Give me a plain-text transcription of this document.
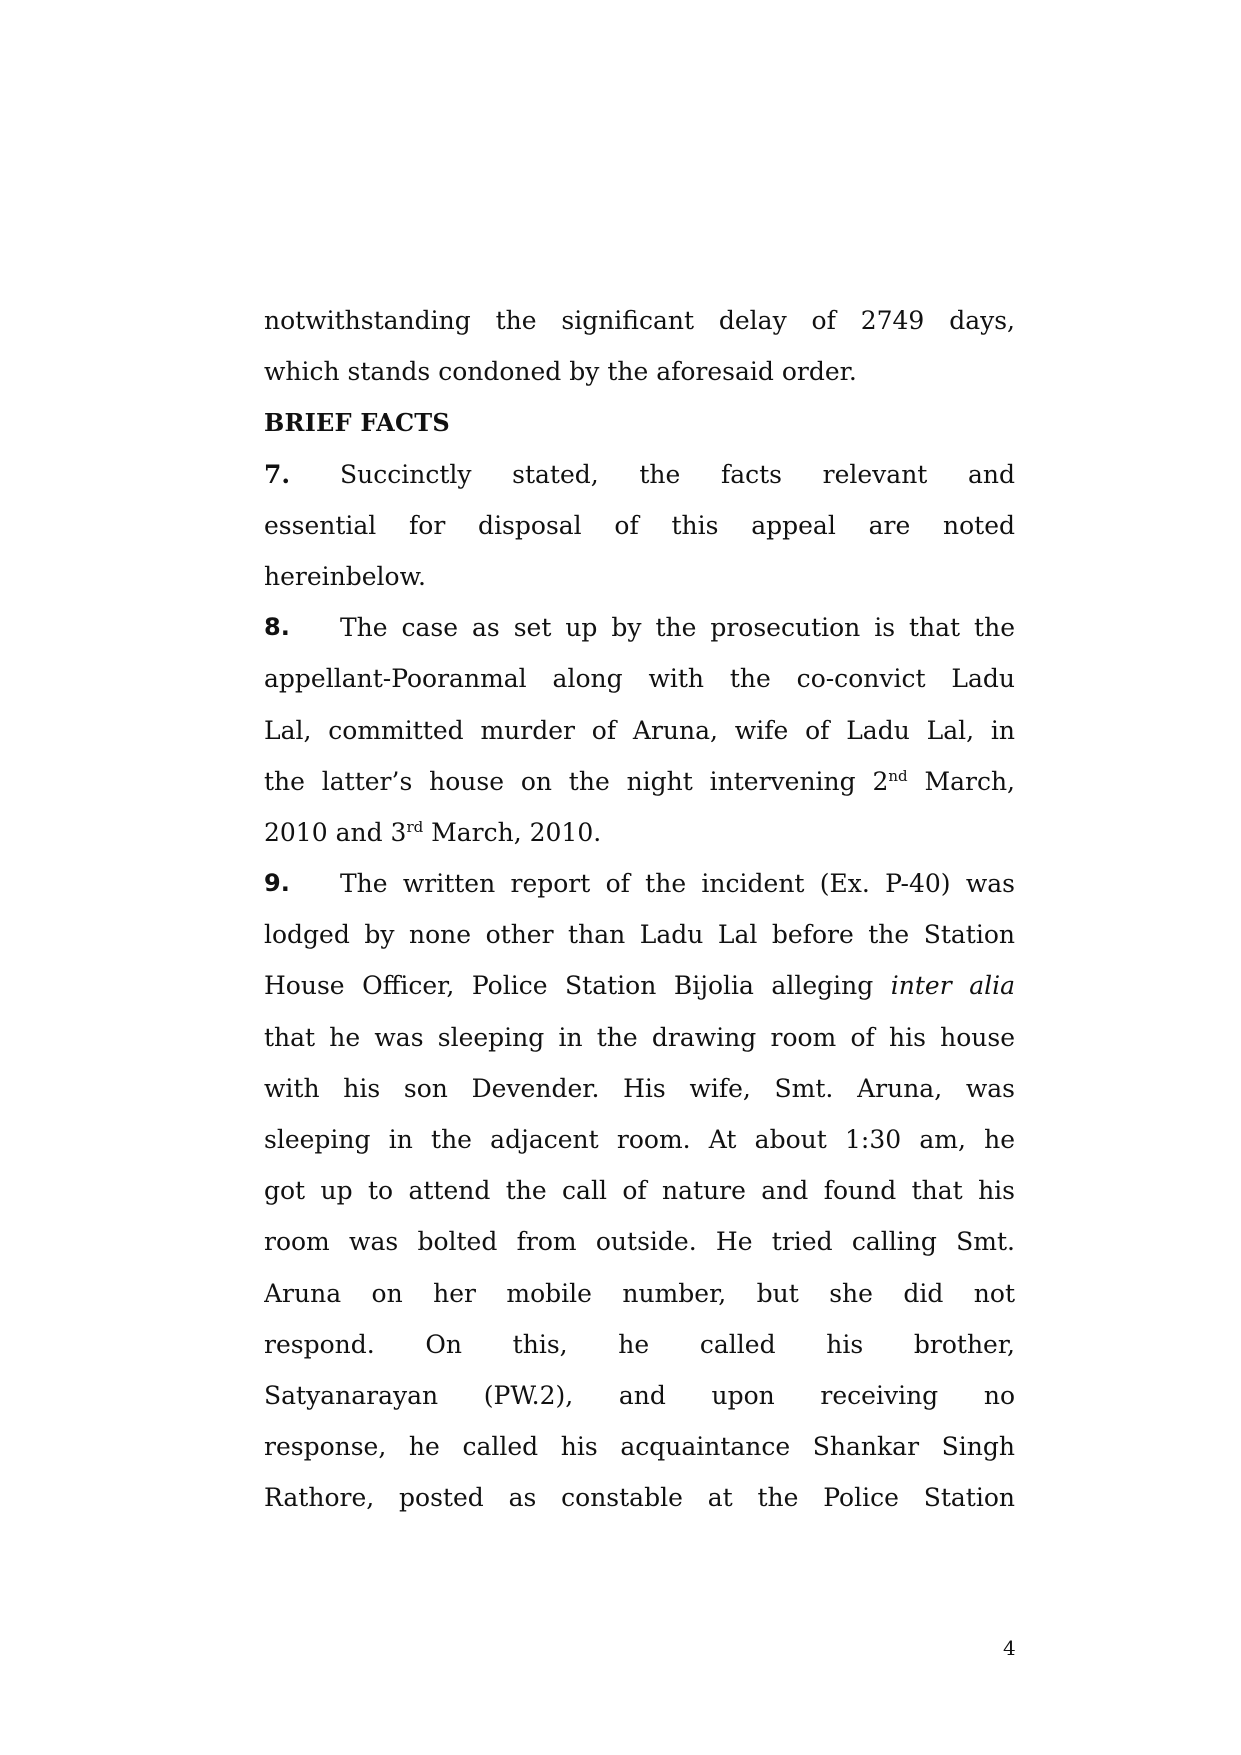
notwithstanding the significant delay of 2749 days,
which stands condoned by the aforesaid order.
BRIEF FACTS
7.	Succinctly stated, the facts relevant and
essential for disposal of this appeal are noted
hereinbelow.
8.	The case as set up by the prosecution is that the
appellant-Pooranmal along with the co-convict Ladu
Lal, committed murder of Aruna, wife of Ladu Lal, in
the latter’s house on the night intervening 2nd March,
2010 and 3rd March, 2010.
9.	The written report of the incident (Ex. P-40) was
lodged by none other than Ladu Lal before the Station
House Officer, Police Station Bijolia alleging inter alia
that he was sleeping in the drawing room of his house
with his son Devender. His wife, Smt. Aruna, was
sleeping in the adjacent room. At about 1:30 am, he
got up to attend the call of nature and found that his
room was bolted from outside. He tried calling Smt.
Aruna on her mobile number, but she did not
respond. On this, he called his brother,
Satyanarayan (PW.2), and upon receiving no
response, he called his acquaintance Shankar Singh
Rathore, posted as constable at the Police Station
4
